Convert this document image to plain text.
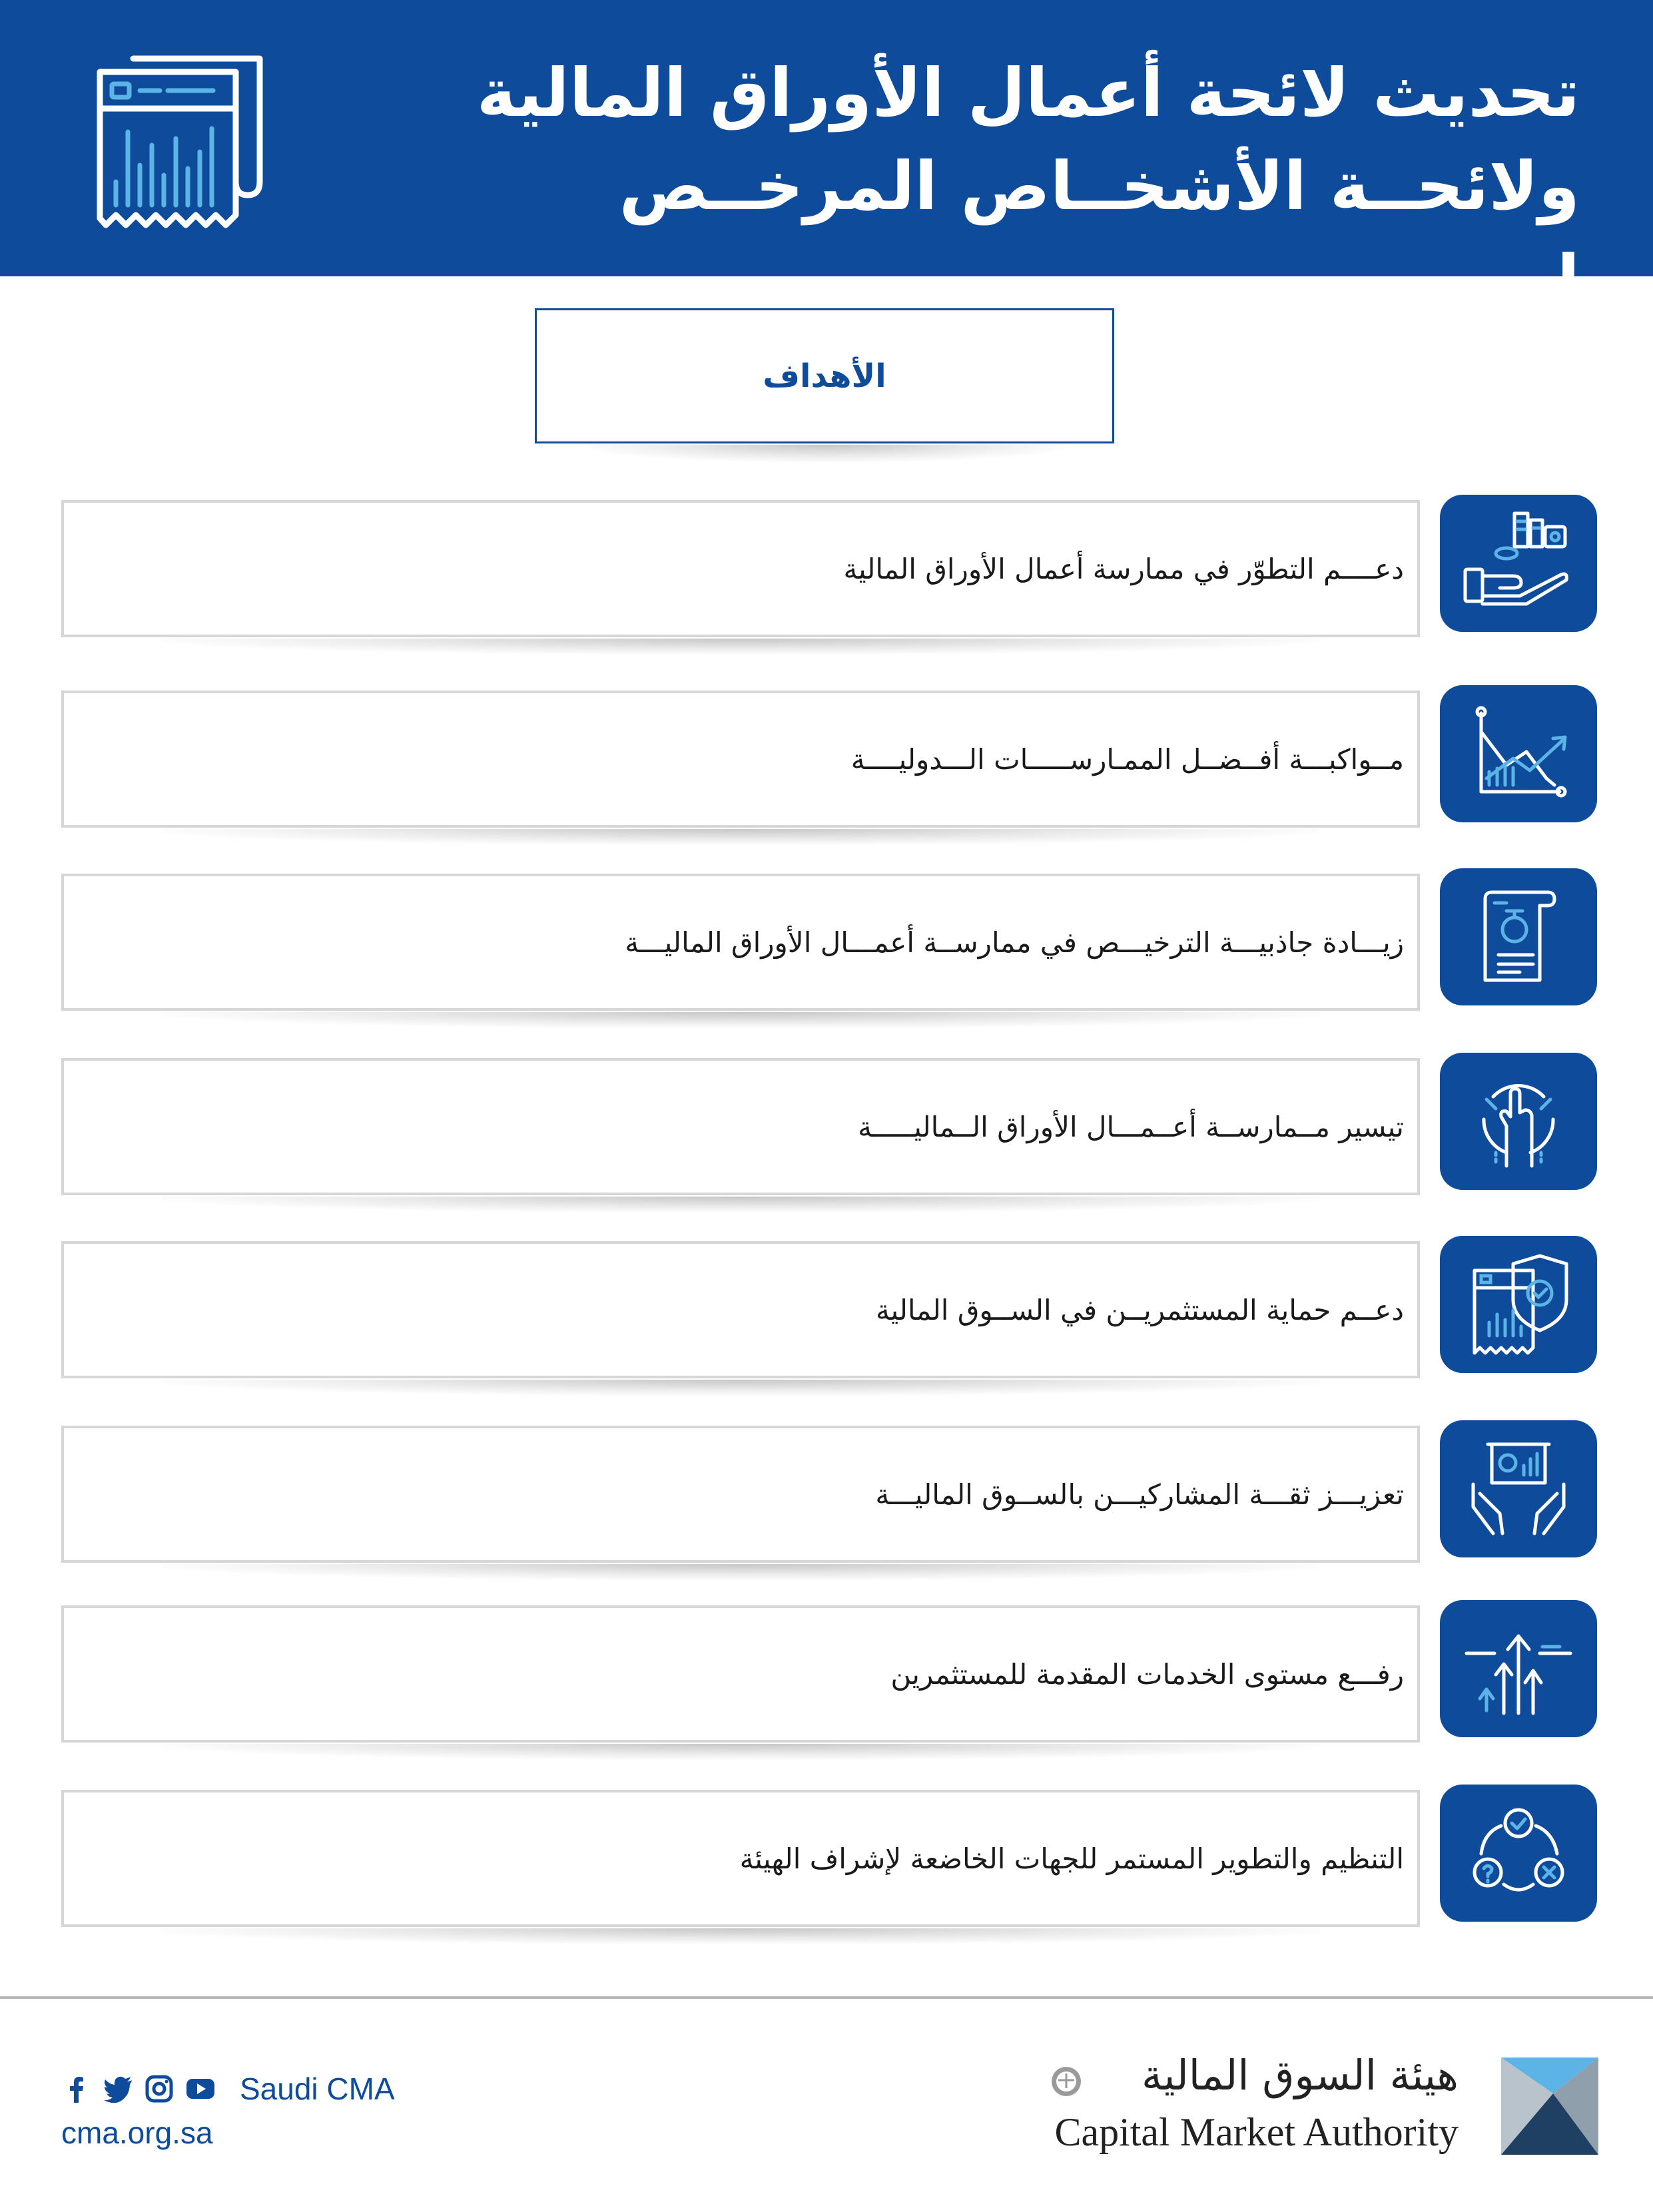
تحديث لائحة أعمال الأوراق المالية
ولائحــة الأشخــاص المرخــص لهــم
الأهداف
دعــــم التطوّر في ممارسة أعمال الأوراق المالية
مــواكبـــة أفــضــل الممـارســـــات الـــدوليــــة
زيـــادة جاذبيـــة الترخيـــص في ممارســة أعمـــال الأوراق الماليـــة
تيسير مــمارســة أعــمـــال الأوراق الــماليـــــة
دعــم حماية المستثمريــن في الســوق المالية
تعزيـــز ثقـــة المشاركيـــن بالســوق الماليـــة
رفـــع مستوى الخدمات المقدمة للمستثمرين
التنظيم والتطوير المستمر للجهات الخاضعة لإشراف الهيئة
Saudi CMA
cma.org.sa
هيئة السوق المالية
Capital Market Authority
